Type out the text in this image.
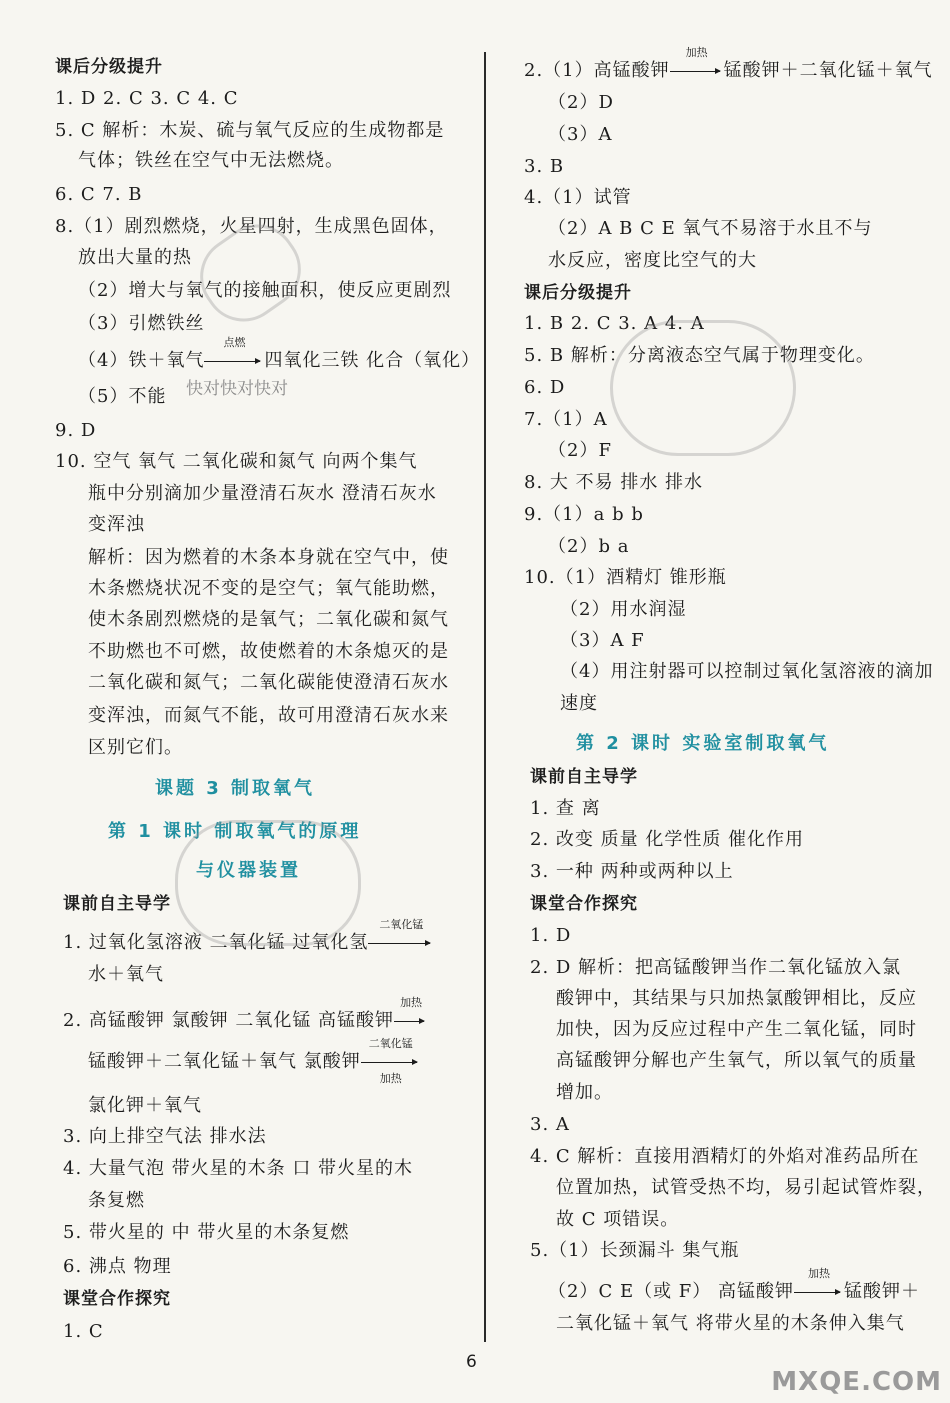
课后分级提升
1. D 2. C 3. C 4. C
5. C 解析：木炭、硫与氧气反应的生成物都是
气体；铁丝在空气中无法燃烧。
6. C 7. B
8.（1）剧烈燃烧，火星四射，生成黑色固体，
放出大量的热
（2）增大与氧气的接触面积，使反应更剧烈
（3）引燃铁丝
（5）不能
9. D
10. 空气 氧气 二氧化碳和氮气 向两个集气
瓶中分别滴加少量澄清石灰水 澄清石灰水
变浑浊
解析：因为燃着的木条本身就在空气中，使
木条燃烧状况不变的是空气；氧气能助燃，
使木条剧烈燃烧的是氧气；二氧化碳和氮气
不助燃也不可燃，故使燃着的木条熄灭的是
二氧化碳和氮气；二氧化碳能使澄清石灰水
变浑浊，而氮气不能，故可用澄清石灰水来
区别它们。
课前自主导学
氯化钾＋氧气
3. 向上排空气法 排水法
4. 大量气泡 带火星的木条 口 带火星的木
条复燃
5. 带火星的 中 带火星的木条复燃
6. 沸点 物理
课堂合作探究
1. C
课题 3 制取氧气
第 1 课时 制取氧气的原理
与仪器装置
（2）D
（3）A
3. B
4.（1）试管
（2）A B C E 氧气不易溶于水且不与
水反应，密度比空气的大
课后分级提升
1. B 2. C 3. A 4. A
5. B 解析：分离液态空气属于物理变化。
6. D
7.（1）A
（2）F
8. 大 不易 排水 排水
9.（1）a b b
（2）b a
10.（1）酒精灯 锥形瓶
（2）用水润湿
（3）A F
（4）用注射器可以控制过氧化氢溶液的滴加
速度
课前自主导学
1. 查 离
2. 改变 质量 化学性质 催化作用
3. 一种 两种或两种以上
课堂合作探究
1. D
2. D 解析：把高锰酸钾当作二氧化锰放入氯
酸钾中，其结果与只加热氯酸钾相比，反应
加快，因为反应过程中产生二氧化锰，同时
高锰酸钾分解也产生氧气，所以氧气的质量
增加。
3. A
4. C 解析：直接用酒精灯的外焰对准药品所在
位置加热，试管受热不均，易引起试管炸裂，
故 C 项错误。
5.（1）长颈漏斗 集气瓶
二氧化锰＋氧气 将带火星的木条伸入集气
第 2 课时 实验室制取氧气
（4）铁＋氧气
点燃
四氧化三铁 化合（氧化）
1. 过氧化氢溶液 二氧化锰 过氧化氢
二氧化锰
水＋氧气
2. 高锰酸钾 氯酸钾 二氧化锰 高锰酸钾
加热
锰酸钾＋二氧化锰＋氧气 氯酸钾
二氧化锰
加热
2.（1）高锰酸钾
加热
锰酸钾＋二氧化锰＋氧气
（2）C E（或 F） 高锰酸钾
加热
锰酸钾＋
快对快对快对
6
MXQE.COM
